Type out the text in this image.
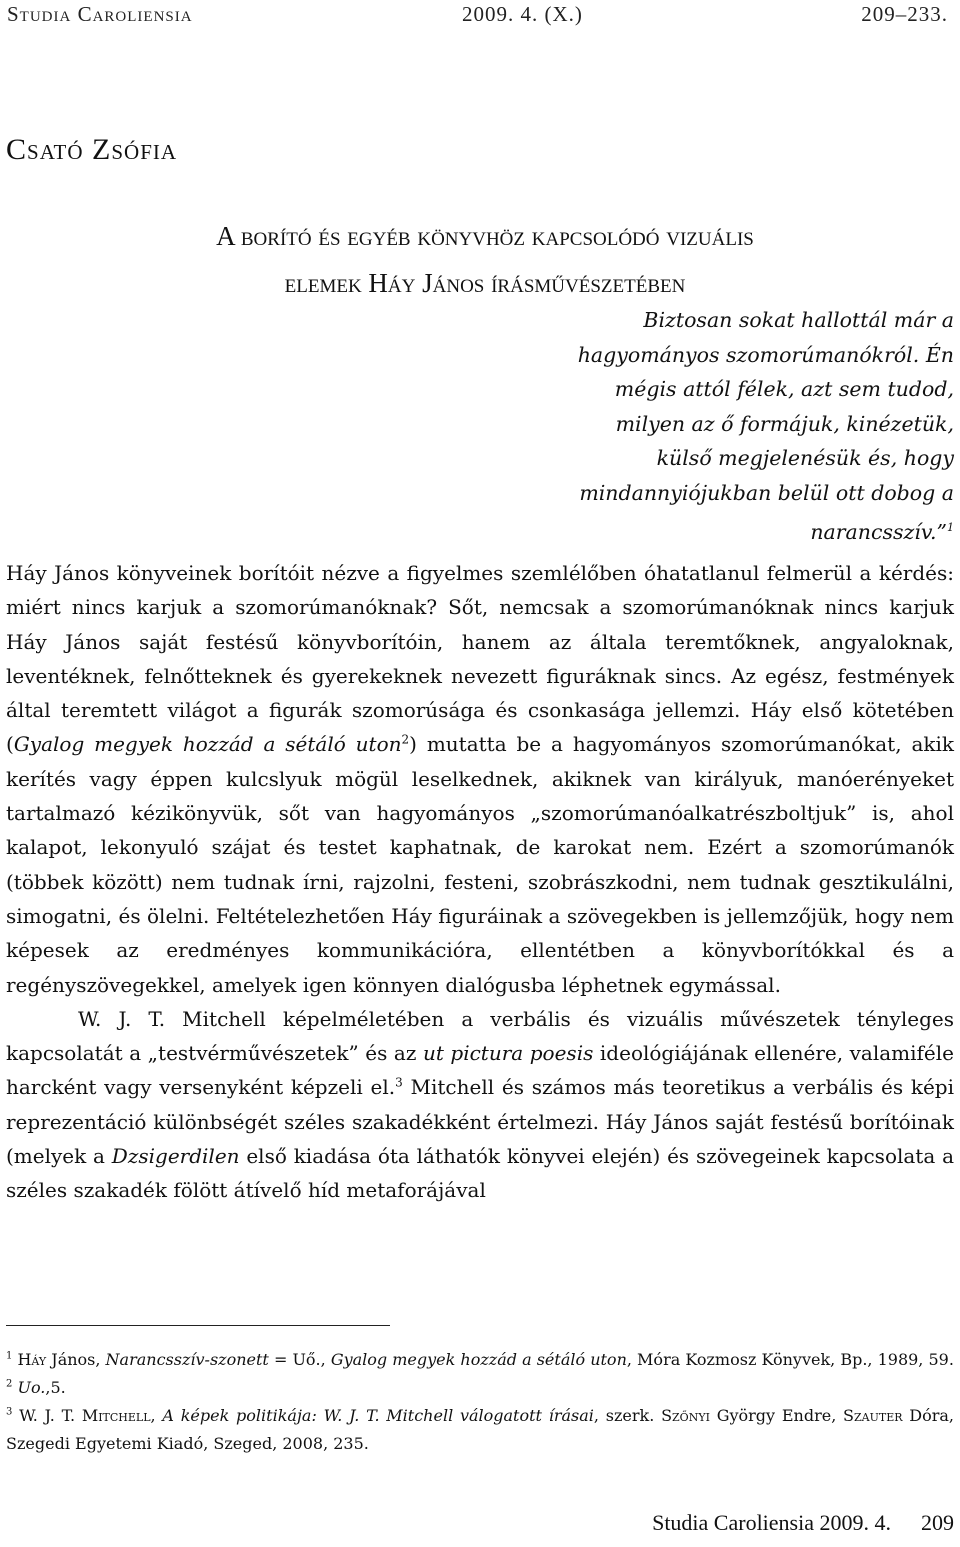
Studia Caroliensia	2009. 4. (X.)	209–233.
Csató Zsófia
A borító és egyéb könyvhöz kapcsolódó vizuális
elemek Háy János írásművészetében
Biztosan sokat hallottál már a hagyományos szomorúmanókról. Én mégis attól félek, azt sem tudod, milyen az ő formájuk, kinézetük, külső megjelenésük és, hogy mindannyiójukban belül ott dobog a narancsszív.”$^1$

Háy János könyveinek borítóit nézve a figyelmes szemlélőben óhatatlanul felmerül a kérdés: miért nincs karjuk a szomorúmanóknak? Sőt, nemcsak a szomorúmanóknak nincs karjuk Háy János saját festésű könyvborítóin, hanem az általa teremtőknek, angyaloknak, leventéknek, felnőtteknek és gyerekeknek nevezett figuráknak sincs. Az egész, festmények által teremtett világot a figurák szomorúsága és csonkasága jellemzi. Háy első kötetében (Gyalog megyek hozzád a sétáló uton$^2$) mutatta be a hagyományos szomorúmanókat, akik kerítés vagy éppen kulcslyuk mögül leselkednek, akiknek van királyuk, manóerényeket tartalmazó kézikönyvük, sőt van hagyományos „szomorúmanóalkatrészboltjuk” is, ahol kalapot, lekonyuló szájat és testet kaphatnak, de karokat nem. Ezért a szomorúmanók (többek között) nem tudnak írni, rajzolni, festeni, szobrászkodni, nem tudnak gesztikulálni, simogatni, és ölelni. Feltételezhetően Háy figuráinak a szövegekben is jellemzőjük, hogy nem képesek az eredményes kommunikációra, ellentétben a könyvborítókkal és a regényszövegekkel, amelyek igen könnyen dialógusba léphetnek egymással.

W. J. T. Mitchell képelméletében a verbális és vizuális művészetek tényleges kapcsolatát a „testvérművészetek” és az ut pictura poesis ideológiájának ellenére, valamiféle harcként vagy versenyként képzeli el.$^3$ Mitchell és számos más teoretikus a verbális és képi reprezentáció különbségét széles szakadékként értelmezi. Háy János saját festésű borítóinak (melyek a Dzsigerdilen első kiadása óta láthatók könyvei elején) és szövegeinek kapcsolata a széles szakadék fölött átívelő híd metaforájával

$^1$ Háy János, Narancsszív-szonett = Uő., Gyalog megyek hozzád a sétáló uton, Móra Kozmosz Könyvek, Bp., 1989, 59.

$^2$ Uo.,5.

$^3$ W. J. T. Mitchell, A képek politikája: W. J. T. Mitchell válogatott írásai, szerk. Szőnyi György Endre, Szauter Dóra, Szegedi Egyetemi Kiadó, Szeged, 2008, 235.

Studia Caroliensia 2009. 4. 209
